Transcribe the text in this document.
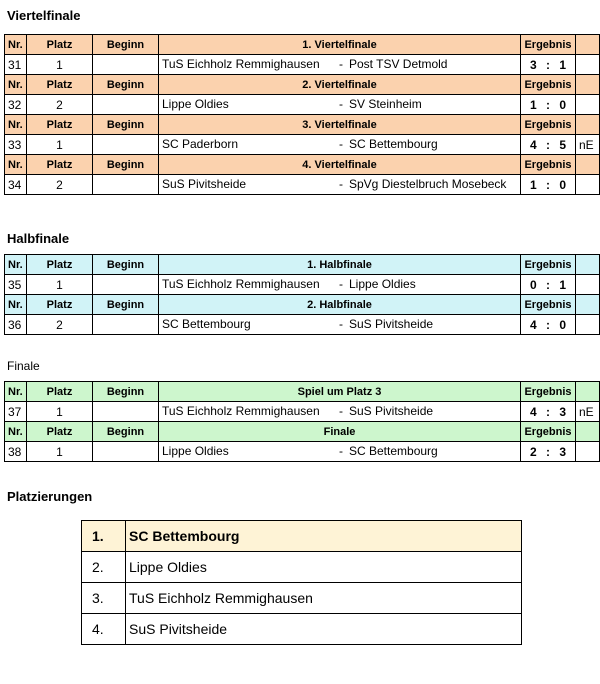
Viertelfinale
Nr.	Platz	Beginn	1. Viertelfinale	Ergebnis	
31	1		TuS Eichholz Remmighausen - Post TSV Detmold	3 : 1	

Nr.	Platz	Beginn	2. Viertelfinale	Ergebnis	
32	2		Lippe Oldies - SV Steinheim	1 : 0	

Nr.	Platz	Beginn	3. Viertelfinale	Ergebnis	
33	1		SC Paderborn - SC Bettembourg	4 : 5	nE
Nr.	Platz	Beginn	4. Viertelfinale	Ergebnis	
34	2		SuS Pivitsheide - SpVg Diestelbruch Mosebeck	1 : 0	

Halbfinale
Nr.	Platz	Beginn	1. Halbfinale	Ergebnis	
35	1		TuS Eichholz Remmighausen - Lippe Oldies	0 : 1	

Nr.	Platz	Beginn	2. Halbfinale	Ergebnis	
36	2		SC Bettembourg - SuS Pivitsheide	4 : 0	

Finale
Nr.	Platz	Beginn	Spiel um Platz 3	Ergebnis	
37	1		TuS Eichholz Remmighausen - SuS Pivitsheide	4 : 3	nE
Nr.	Platz	Beginn	Finale	Ergebnis	
38	1		Lippe Oldies - SC Bettembourg	2 : 3	

Platzierungen
1.	SC Bettembourg
2.	Lippe Oldies
3.	TuS Eichholz Remmighausen
4.	SuS Pivitsheide
